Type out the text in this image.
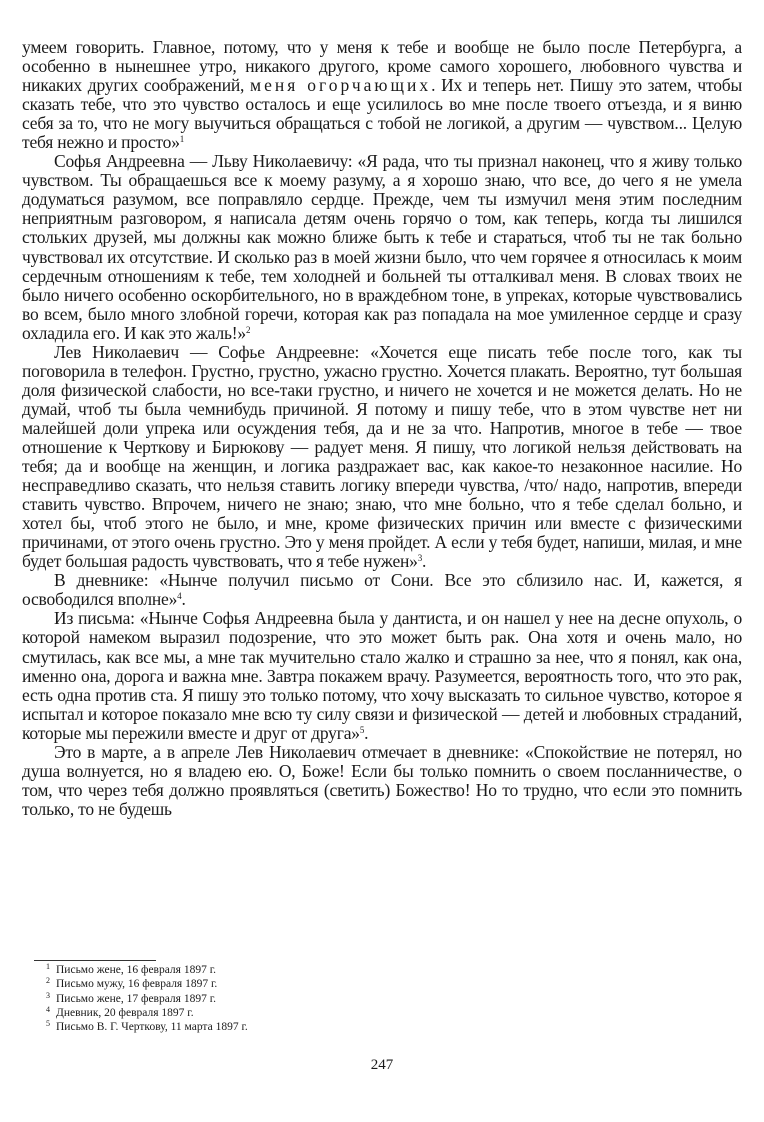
умеем говорить. Главное, потому, что у меня к тебе и вообще не было после Петербурга, а особенно в нынешнее утро, никакого другого, кроме самого хорошего, любовного чувства и никаких других соображений, меня огорчающих. Их и теперь нет. Пишу это затем, чтобы сказать тебе, что это чувство осталось и еще усилилось во мне после твоего отъезда, и я виню себя за то, что не могу выучиться обращаться с тобой не логикой, а другим — чувством... Целую тебя нежно и просто»$^1$

Софья Андреевна — Льву Николаевичу: «Я рада, что ты признал наконец, что я живу только чувством. Ты обращаешься все к моему разуму, а я хорошо знаю, что все, до чего я не умела додуматься разумом, все поправляло сердце. Прежде, чем ты измучил меня этим последним неприятным разговором, я написала детям очень горячо о том, как теперь, когда ты лишился стольких друзей, мы должны как можно ближе быть к тебе и стараться, чтоб ты не так больно чувствовал их отсутствие. И сколько раз в моей жизни было, что чем горячее я относилась к моим сердечным отношениям к тебе, тем холодней и больней ты отталкивал меня. В словах твоих не было ничего особенно оскорбительного, но в враждебном тоне, в упреках, которые чувствовались во всем, было много злобной горечи, которая как раз попадала на мое умиленное сердце и сразу охладила его. И как это жаль!»$^2$

Лев Николаевич — Софье Андреевне: «Хочется еще писать тебе после того, как ты поговорила в телефон. Грустно, грустно, ужасно грустно. Хочется плакать. Вероятно, тут большая доля физической слабости, но все-таки грустно, и ничего не хочется и не можется делать. Но не думай, чтоб ты была чемнибудь причиной. Я потому и пишу тебе, что в этом чувстве нет ни малейшей доли упрека или осуждения тебя, да и не за что. Напротив, многое в тебе — твое отношение к Черткову и Бирюкову — радует меня. Я пишу, что логикой нельзя действовать на тебя; да и вообще на женщин, и логика раздражает вас, как какое-то незаконное насилие. Но несправедливо сказать, что нельзя ставить логику впереди чувства, /что/ надо, напротив, впереди ставить чувство. Впрочем, ничего не знаю; знаю, что мне больно, что я тебе сделал больно, и хотел бы, чтоб этого не было, и мне, кроме физических причин или вместе с физическими причинами, от этого очень грустно. Это у меня пройдет. А если у тебя будет, напиши, милая, и мне будет большая радость чувствовать, что я тебе нужен»$^3$.

В дневнике: «Нынче получил письмо от Сони. Все это сблизило нас. И, кажется, я освободился вполне»$^4$.

Из письма: «Нынче Софья Андреевна была у дантиста, и он нашел у нее на десне опухоль, о которой намеком выразил подозрение, что это может быть рак. Она хотя и очень мало, но смутилась, как все мы, а мне так мучительно стало жалко и страшно за нее, что я понял, как она, именно она, дорога и важна мне. Завтра покажем врачу. Разумеется, вероятность того, что это рак, есть одна против ста. Я пишу это только потому, что хочу высказать то сильное чувство, которое я испытал и которое показало мне всю ту силу связи и физической — детей и любовных страданий, которые мы пережили вместе и друг от друга»$^5$.

Это в марте, а в апреле Лев Николаевич отмечает в дневнике: «Спокойствие не потерял, но душа волнуется, но я владею ею. О, Боже! Если бы только помнить о своем посланничестве, о том, что через тебя должно проявляться (светить) Божество! Но то трудно, что если это помнить только, то не будешь

$^1$ Письмо жене, 16 февраля 1897 г.
$^2$ Письмо мужу, 16 февраля 1897 г.
$^3$ Письмо жене, 17 февраля 1897 г.
$^4$ Дневник, 20 февраля 1897 г.
$^5$ Письмо В. Г. Черткову, 11 марта 1897 г.
247
